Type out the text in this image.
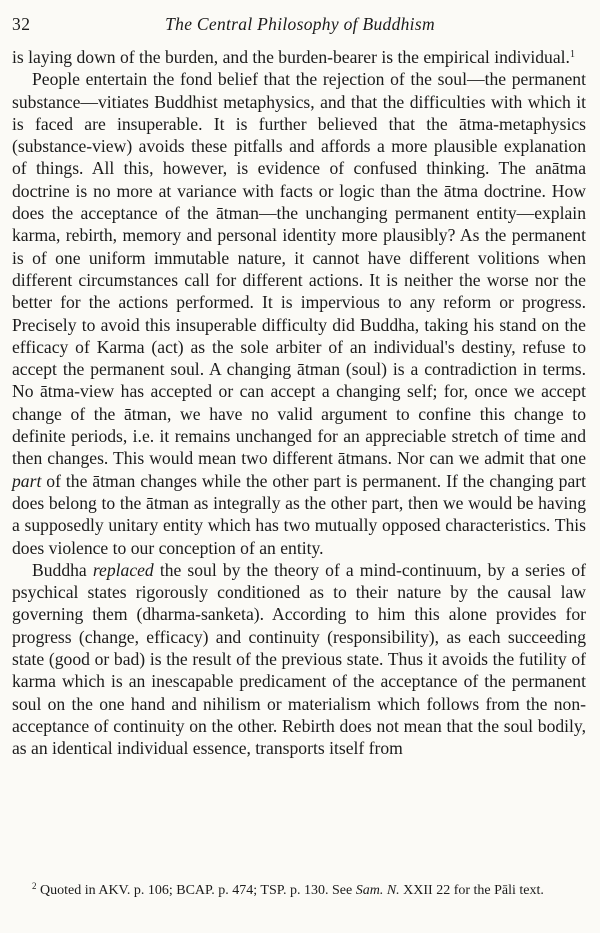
32	The Central Philosophy of Buddhism

is laying down of the burden, and the burden-bearer is the empirical individual.$^1$

People entertain the fond belief that the rejection of the soul—the permanent substance—vitiates Buddhist metaphysics, and that the difficulties with which it is faced are insuperable. It is further believed that the ātma-metaphysics (substance-view) avoids these pitfalls and affords a more plausible explanation of things. All this, however, is evidence of confused thinking. The anātma doctrine is no more at variance with facts or logic than the ātma doctrine. How does the acceptance of the ātman—the unchanging permanent entity—explain karma, rebirth, memory and personal identity more plausibly? As the permanent is of one uniform immutable nature, it cannot have different volitions when different circumstances call for different actions. It is neither the worse nor the better for the actions performed. It is impervious to any reform or progress. Precisely to avoid this insuperable difficulty did Buddha, taking his stand on the efficacy of Karma (act) as the sole arbiter of an individual's destiny, refuse to accept the permanent soul. A changing ātman (soul) is a contradiction in terms. No ātma-view has accepted or can accept a changing self; for, once we accept change of the ātman, we have no valid argument to confine this change to definite periods, i.e. it remains unchanged for an appreciable stretch of time and then changes. This would mean two different ātmans. Nor can we admit that one part of the ātman changes while the other part is permanent. If the changing part does belong to the ātman as integrally as the other part, then we would be having a supposedly unitary entity which has two mutually opposed characteristics. This does violence to our conception of an entity.

Buddha replaced the soul by the theory of a mind-continuum, by a series of psychical states rigorously conditioned as to their nature by the causal law governing them (dharma-sanketa). According to him this alone provides for progress (change, efficacy) and continuity (responsibility), as each succeeding state (good or bad) is the result of the previous state. Thus it avoids the futility of karma which is an inescapable predicament of the acceptance of the permanent soul on the one hand and nihilism or materialism which follows from the non-acceptance of continuity on the other. Rebirth does not mean that the soul bodily, as an identical individual essence, transports itself from

$^2$ Quoted in AKV. p. 106; BCAP. p. 474; TSP. p. 130. See Sam. N. XXII 22 for the Pāli text.
